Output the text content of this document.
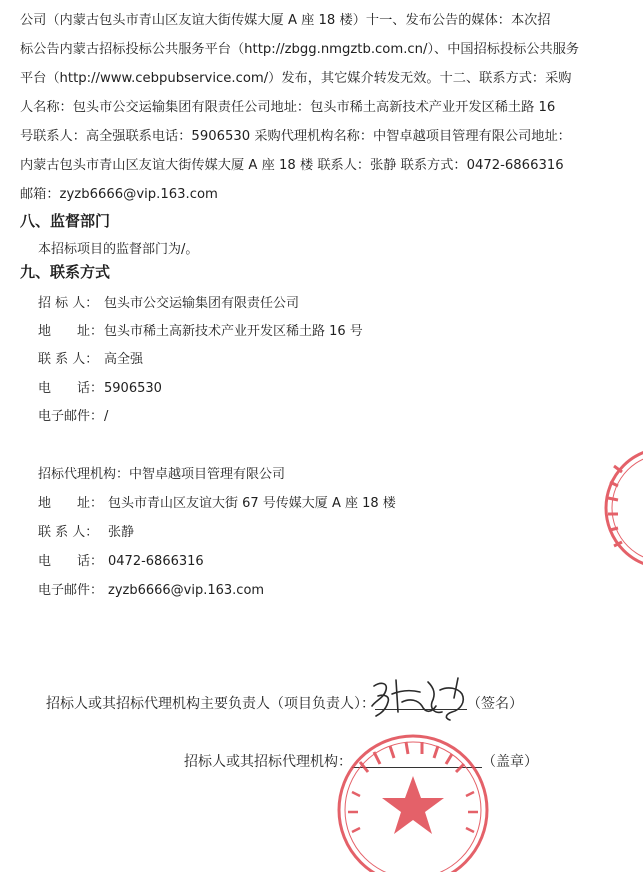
公司（内蒙古包头市青山区友谊大街传媒大厦 A 座 18 楼）十一、发布公告的媒体：本次招
标公告内蒙古招标投标公共服务平台（http://zbgg.nmgztb.com.cn/）、中国招标投标公共服务
平台（http://www.cebpubservice.com/）发布，其它媒介转发无效。十二、联系方式：采购
人名称：包头市公交运输集团有限责任公司地址：包头市稀土高新技术产业开发区稀土路 16
号联系人：高全强联系电话：5906530 采购代理机构名称：中智卓越项目管理有限公司地址：
内蒙古包头市青山区友谊大街传媒大厦 A 座 18 楼 联系人：张静 联系方式：0472-6866316
邮箱：zyzb6666@vip.163.com
八、监督部门

本招标项目的监督部门为/。

九、联系方式
招 标 人： 包头市公交运输集团有限责任公司
地　　址：包头市稀土高新技术产业开发区稀土路 16 号
联 系 人： 高全强
电　　话：5906530
电子邮件：/
招标代理机构：中智卓越项目管理有限公司
地　　址： 包头市青山区友谊大街 67 号传媒大厦 A 座 18 楼
联 系 人： 张静
电　　话： 0472-6866316
电子邮件： zyzb6666@vip.163.com
招标人或其招标代理机构主要负责人（项目负责人）：	（签名）
招标人或其招标代理机构：	（盖章）
